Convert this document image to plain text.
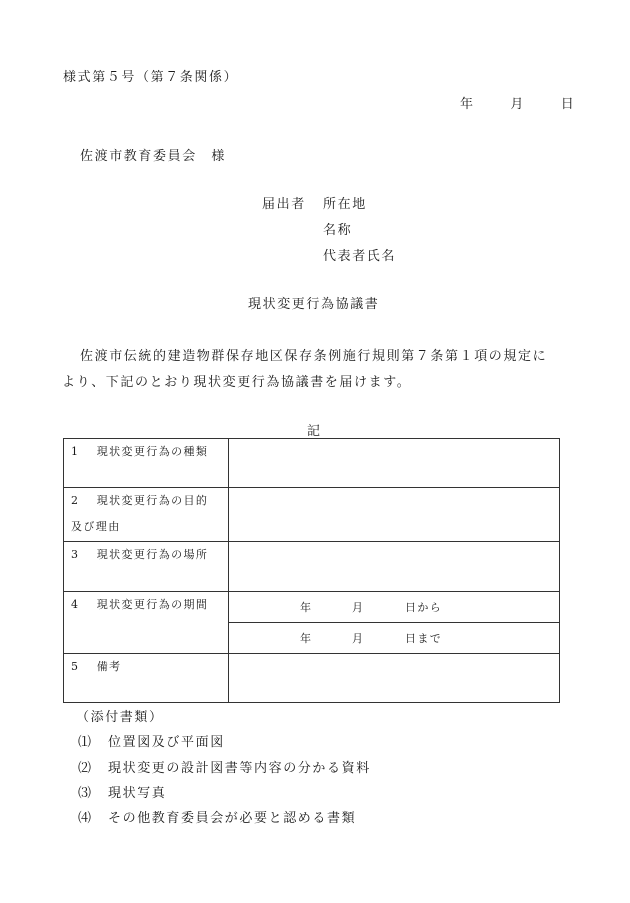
様式第５号（第７条関係）
年	月	日
佐渡市教育委員会　様
届出者 所在地
名称
代表者氏名
現状変更行為協議書
佐渡市伝統的建造物群保存地区保存条例施行規則第７条第１項の規定に
より、下記のとおり現状変更行為協議書を届けます。
記
1　 現状変更行為の種類	

2　 現状変更行為の目的
及び理由	

3　 現状変更行為の場所	
4　 現状変更行為の期間	年 月 日から

	年 月 日まで

5　 備考	
（添付書類）
⑴ 位置図及び平面図
⑵ 現状変更の設計図書等内容の分かる資料
⑶ 現状写真
⑷ その他教育委員会が必要と認める書類
